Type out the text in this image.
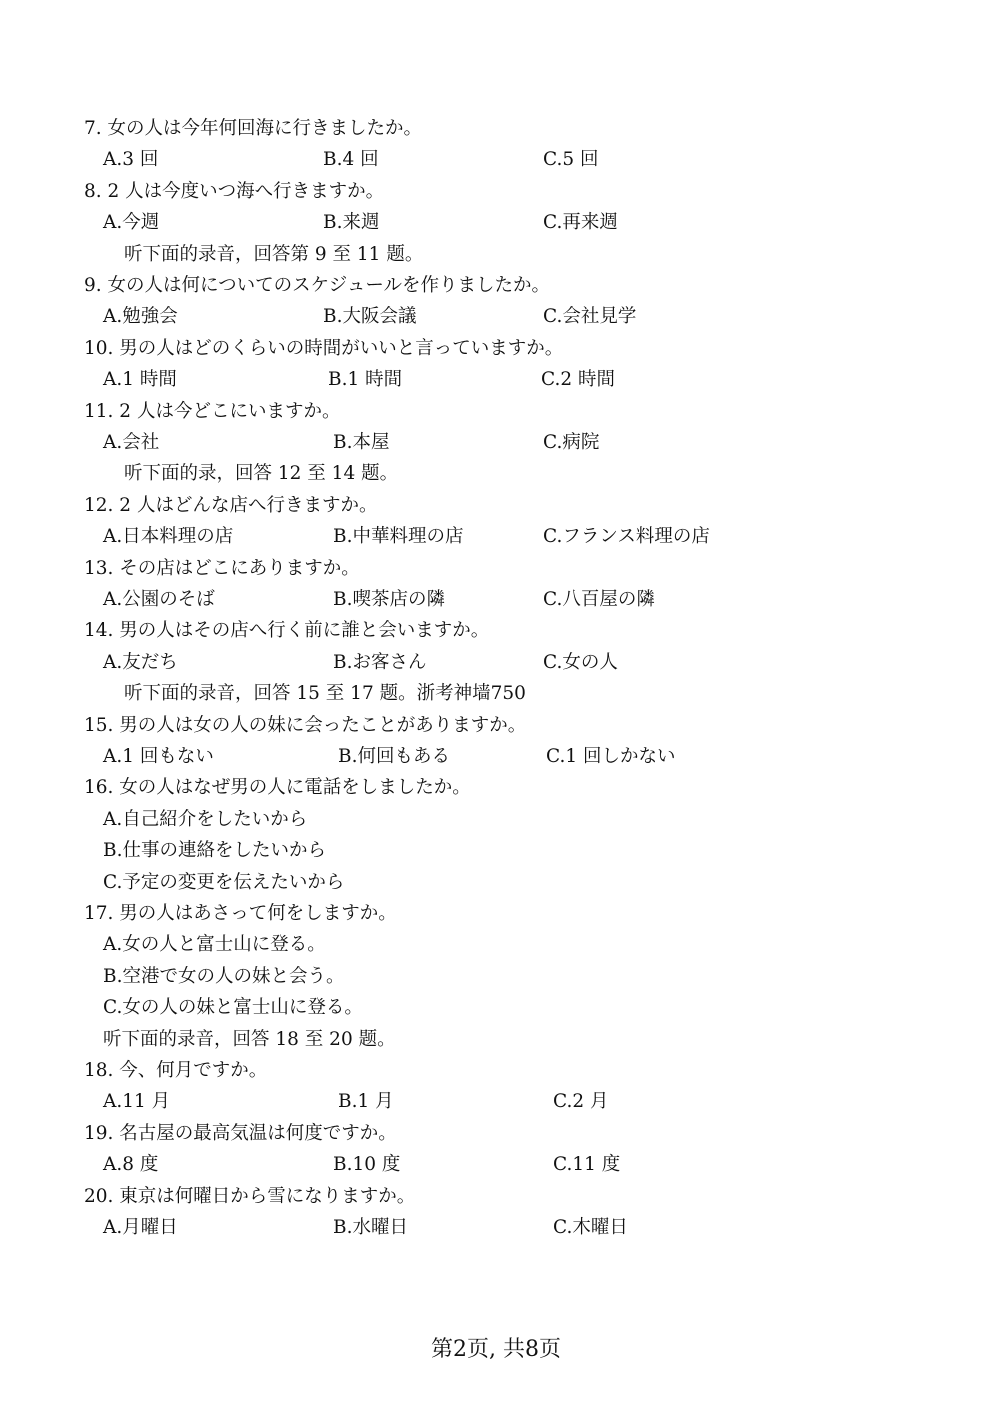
7. 女の人は今年何回海に行きましたか。
A.3 回	B.4 回	C.5 回
8. 2 人は今度いつ海へ行きますか。
A.今週	B.来週	C.再来週
听下面的录音，回答第 9 至 11 题。
9. 女の人は何についてのスケジュールを作りましたか。
A.勉強会	B.大阪会議	C.会社見学
10. 男の人はどのくらいの時間がいいと言っていますか。
A.1 時間	B.1 時間	C.2 時間
11. 2 人は今どこにいますか。
A.会社	B.本屋	C.病院
听下面的录，回答 12 至 14 题。
12. 2 人はどんな店へ行きますか。
A.日本料理の店	B.中華料理の店	C.フランス料理の店
13. その店はどこにありますか。
A.公園のそば	B.喫茶店の隣	C.八百屋の隣
14. 男の人はその店へ行く前に誰と会いますか。
A.友だち	B.お客さん	C.女の人
听下面的录音，回答 15 至 17 题。浙考神墙750
15. 男の人は女の人の妹に会ったことがありますか。
A.1 回もない	B.何回もある	C.1 回しかない
16. 女の人はなぜ男の人に電話をしましたか。
A.自己紹介をしたいから
B.仕事の連絡をしたいから
C.予定の変更を伝えたいから
17. 男の人はあさって何をしますか。
A.女の人と富士山に登る。
B.空港で女の人の妹と会う。
C.女の人の妹と富士山に登る。
听下面的录音，回答 18 至 20 题。
18. 今、何月ですか。
A.11 月	B.1 月	C.2 月
19. 名古屋の最高気温は何度ですか。
A.8 度	B.10 度	C.11 度
20. 東京は何曜日から雪になりますか。
A.月曜日	B.水曜日	C.木曜日
第2页, 共8页
